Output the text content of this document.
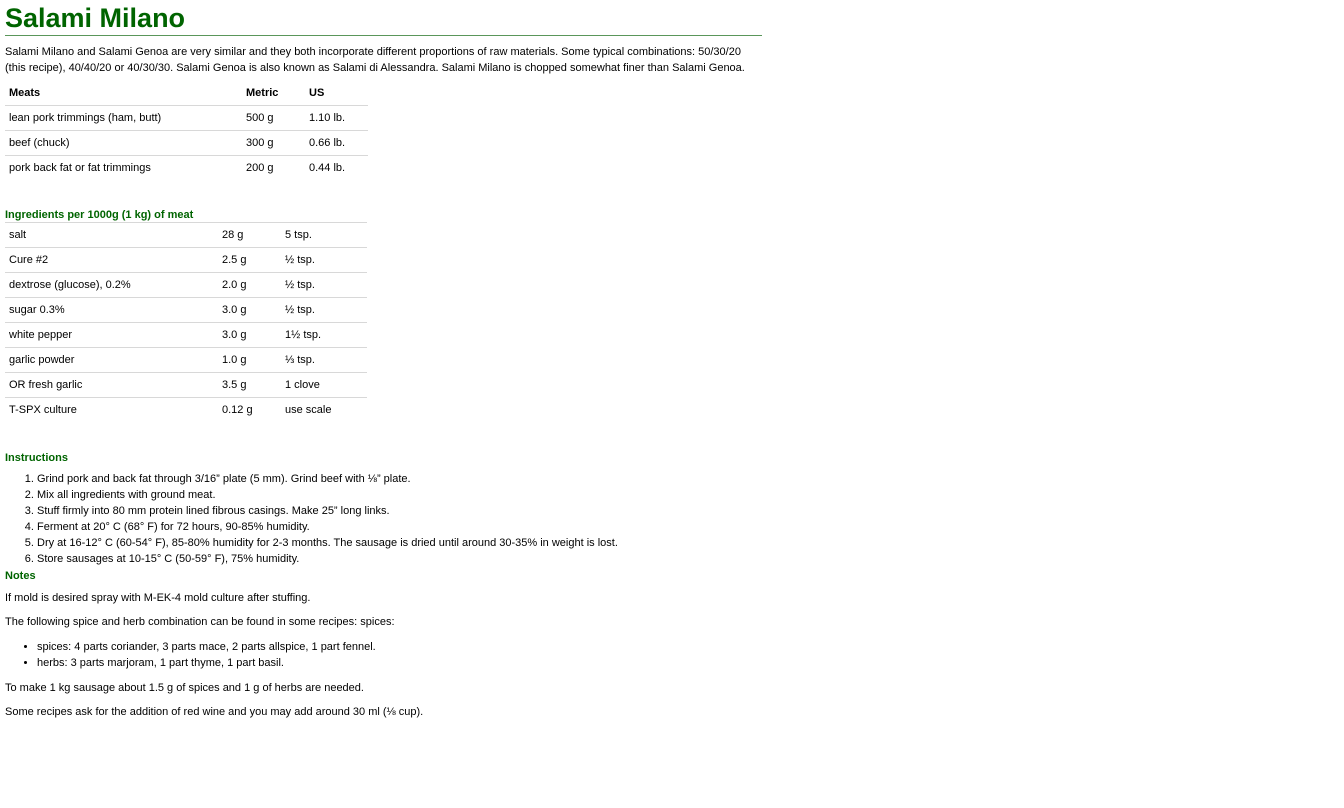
Salami Milano

Salami Milano and Salami Genoa are very similar and they both incorporate different proportions of raw materials. Some typical combinations: 50/30/20 (this recipe), 40/40/20 or 40/30/30. Salami Genoa is also known as Salami di Alessandra. Salami Milano is chopped somewhat finer than Salami Genoa.

Meats	Metric	US
lean pork trimmings (ham, butt)	500 g	1.10 lb.
beef (chuck)	300 g	0.66 lb.
pork back fat or fat trimmings	200 g	0.44 lb.
Ingredients per 1000g (1 kg) of meat
salt	28 g	5 tsp.
Cure #2	2.5 g	½ tsp.
dextrose (glucose), 0.2%	2.0 g	½ tsp.
sugar 0.3%	3.0 g	½ tsp.
white pepper	3.0 g	1½ tsp.
garlic powder	1.0 g	⅓ tsp.
OR fresh garlic	3.5 g	1 clove
T-SPX culture	0.12 g	use scale
Instructions
1. Grind pork and back fat through 3/16” plate (5 mm). Grind beef with ⅛” plate.
2. Mix all ingredients with ground meat.
3. Stuff firmly into 80 mm protein lined fibrous casings. Make 25” long links.
4. Ferment at 20° C (68° F) for 72 hours, 90-85% humidity.
5. Dry at 16-12° C (60-54° F), 85-80% humidity for 2-3 months. The sausage is dried until around 30-35% in weight is lost.
6. Store sausages at 10-15° C (50-59° F), 75% humidity.
Notes

If mold is desired spray with M-EK-4 mold culture after stuffing.

The following spice and herb combination can be found in some recipes: spices:

• spices: 4 parts coriander, 3 parts mace, 2 parts allspice, 1 part fennel.
• herbs: 3 parts marjoram, 1 part thyme, 1 part basil.

To make 1 kg sausage about 1.5 g of spices and 1 g of herbs are needed.

Some recipes ask for the addition of red wine and you may add around 30 ml (⅛ cup).
